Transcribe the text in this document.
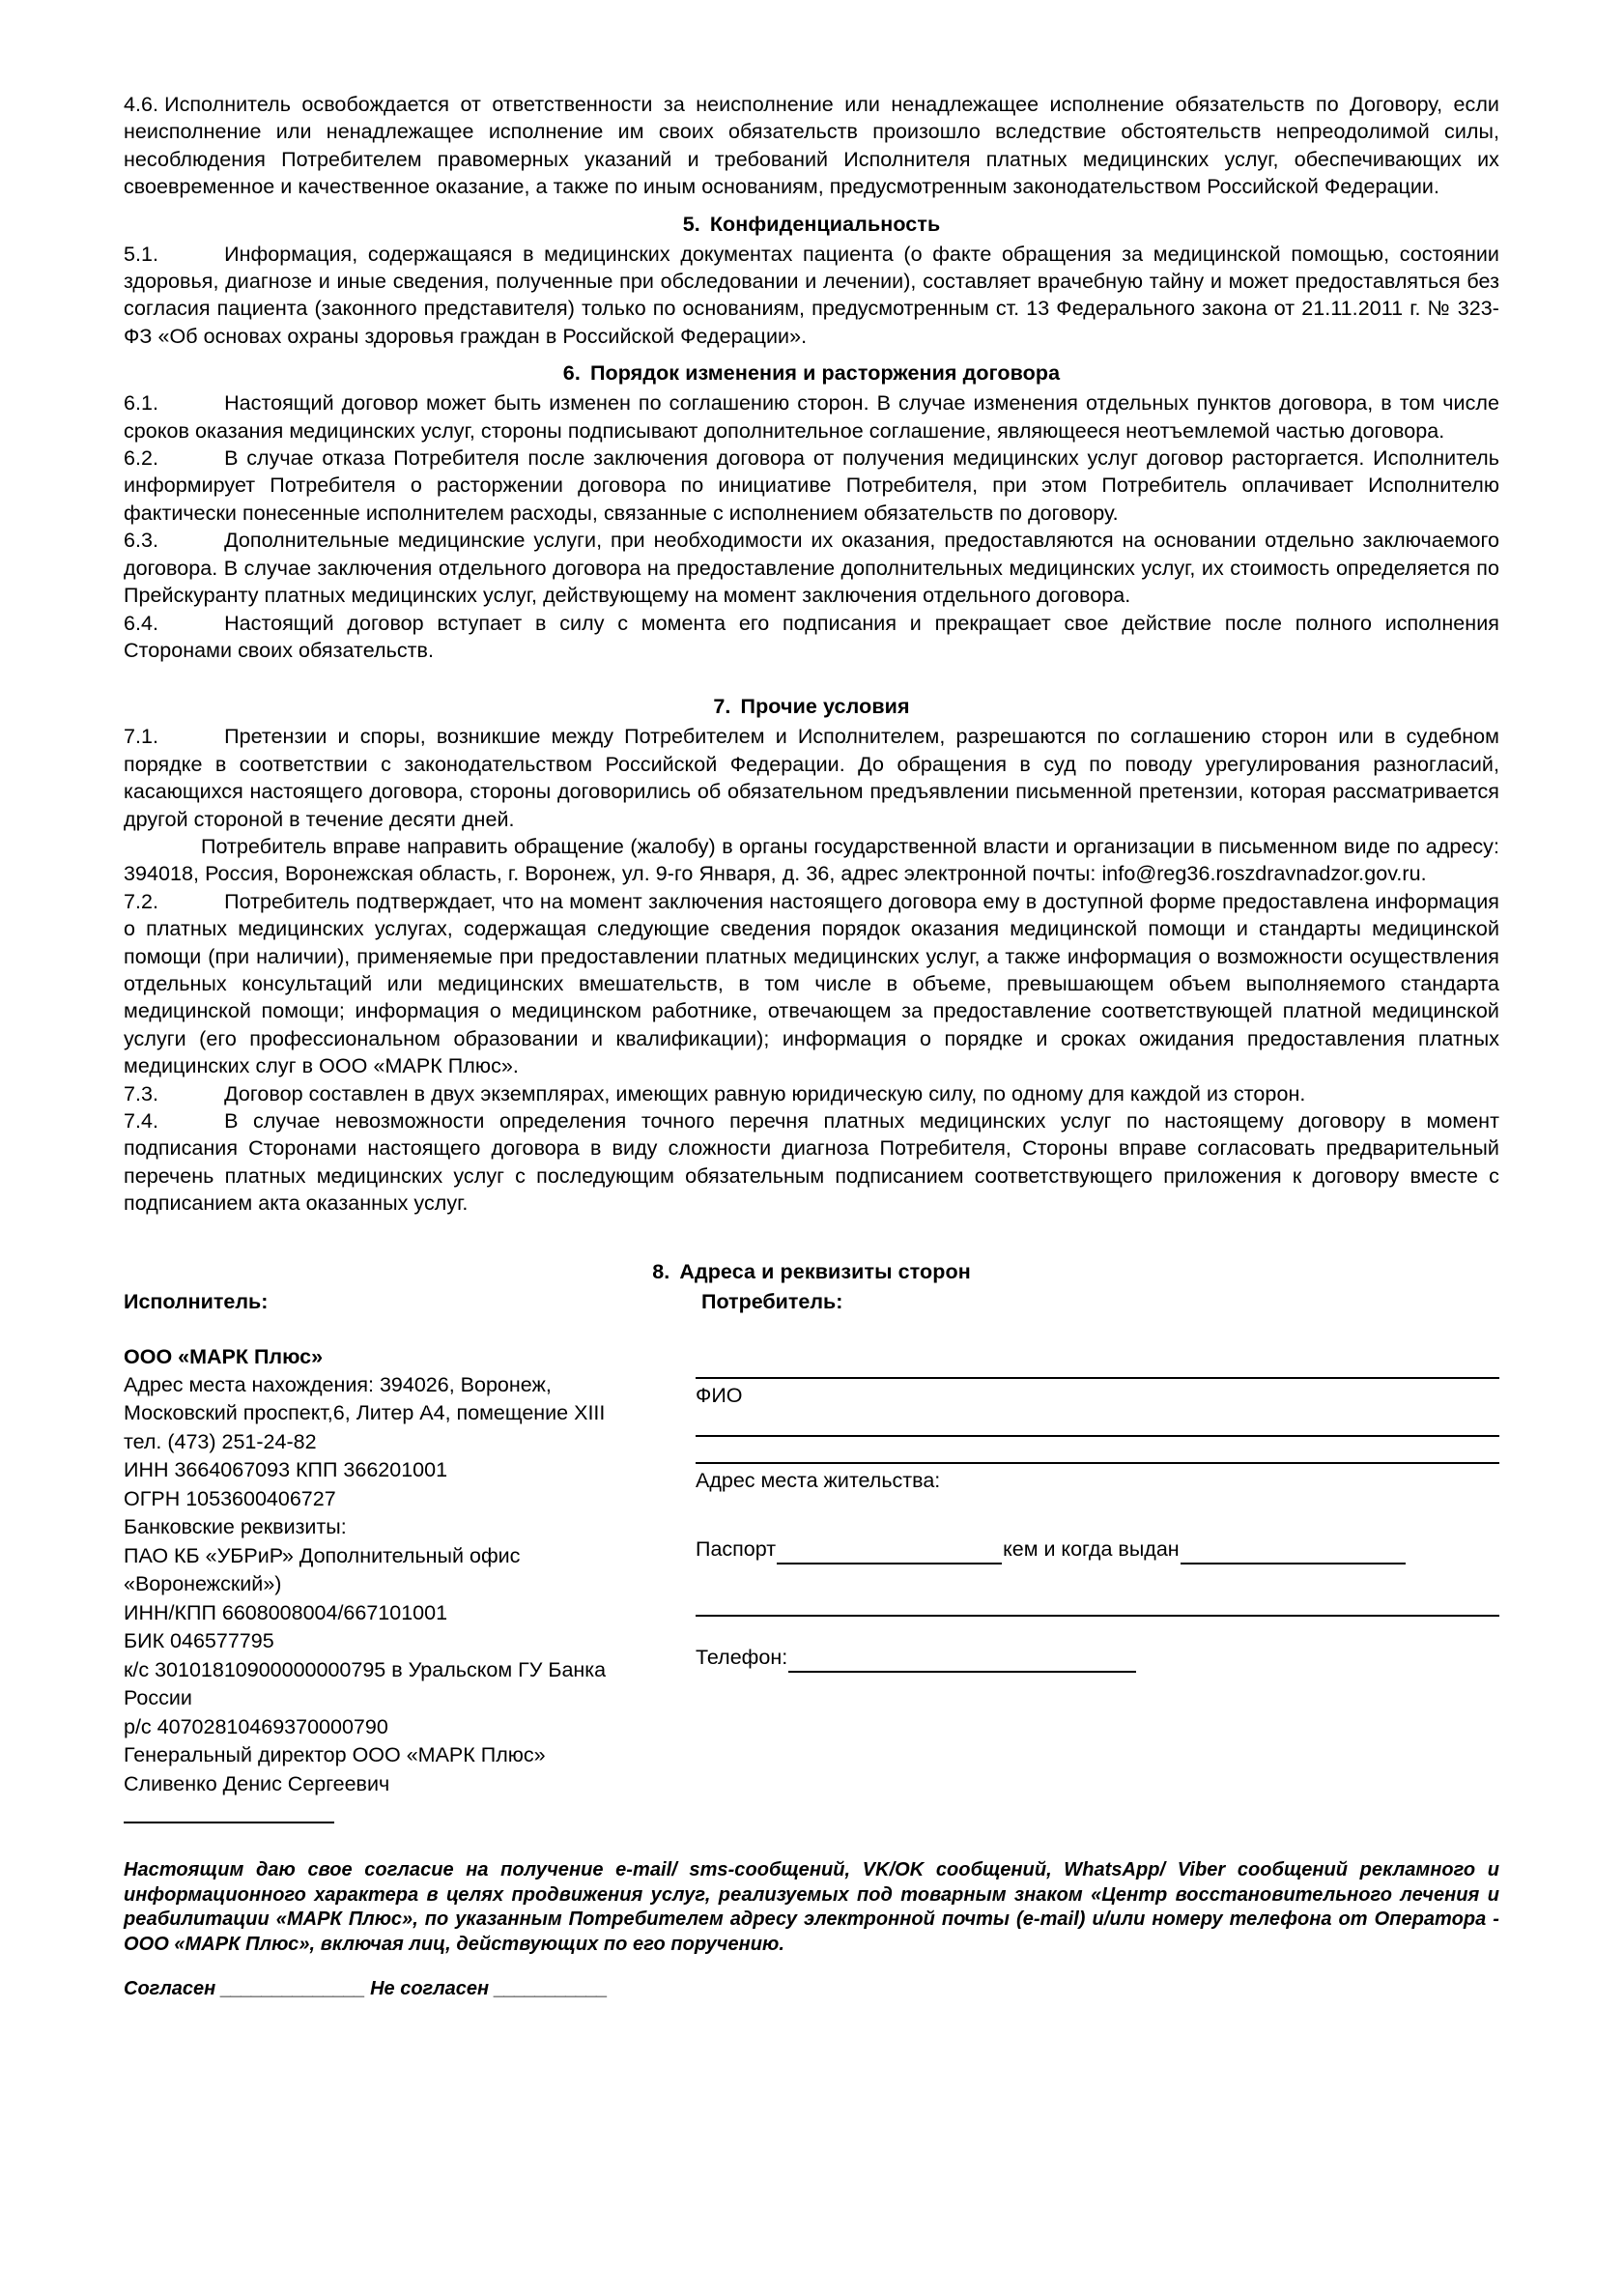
4.6. Исполнитель освобождается от ответственности за неисполнение или ненадлежащее исполнение обязательств по Договору, если неисполнение или ненадлежащее исполнение им своих обязательств произошло вследствие обстоятельств непреодолимой силы, несоблюдения Потребителем правомерных указаний и требований Исполнителя платных медицинских услуг, обеспечивающих их своевременное и качественное оказание, а также по иным основаниям, предусмотренным законодательством Российской Федерации.

5. Конфиденциальность

5.1.	Информация, содержащаяся в медицинских документах пациента (о факте обращения за медицинской помощью, состоянии здоровья, диагнозе и иные сведения, полученные при обследовании и лечении), составляет врачебную тайну и может предоставляться без согласия пациента (законного представителя) только по основаниям, предусмотренным ст. 13 Федерального закона от 21.11.2011 г. № 323-ФЗ «Об основах охраны здоровья граждан в Российской Федерации».

6. Порядок изменения и расторжения договора

6.1.	Настоящий договор может быть изменен по соглашению сторон. В случае изменения отдельных пунктов договора, в том числе сроков оказания медицинских услуг, стороны подписывают дополнительное соглашение, являющееся неотъемлемой частью договора.

6.2.	В случае отказа Потребителя после заключения договора от получения медицинских услуг договор расторгается. Исполнитель информирует Потребителя о расторжении договора по инициативе Потребителя, при этом Потребитель оплачивает Исполнителю фактически понесенные исполнителем расходы, связанные с исполнением обязательств по договору.

6.3.	Дополнительные медицинские услуги, при необходимости их оказания, предоставляются на основании отдельно заключаемого договора. В случае заключения отдельного договора на предоставление дополнительных медицинских услуг, их стоимость определяется по Прейскуранту платных медицинских услуг, действующему на момент заключения отдельного договора.

6.4.	Настоящий договор вступает в силу с момента его подписания и прекращает свое действие после полного исполнения Сторонами своих обязательств.

7. Прочие условия

7.1.	Претензии и споры, возникшие между Потребителем и Исполнителем, разрешаются по соглашению сторон или в судебном порядке в соответствии с законодательством Российской Федерации. До обращения в суд по поводу урегулирования разногласий, касающихся настоящего договора, стороны договорились об обязательном предъявлении письменной претензии, которая рассматривается другой стороной в течение десяти дней.

Потребитель вправе направить обращение (жалобу) в органы государственной власти и организации в письменном виде по адресу: 394018, Россия, Воронежская область, г. Воронеж, ул. 9-го Января, д. 36, адрес электронной почты: info@reg36.roszdravnadzor.gov.ru.

7.2.	Потребитель подтверждает, что на момент заключения настоящего договора ему в доступной форме предоставлена информация о платных медицинских услугах, содержащая следующие сведения порядок оказания медицинской помощи и стандарты медицинской помощи (при наличии), применяемые при предоставлении платных медицинских услуг, а также информация о возможности осуществления отдельных консультаций или медицинских вмешательств, в том числе в объеме, превышающем объем выполняемого стандарта медицинской помощи; информация о медицинском работнике, отвечающем за предоставление соответствующей платной медицинской услуги (его профессиональном образовании и квалификации); информация о порядке и сроках ожидания предоставления платных медицинских слуг в ООО «МАРК Плюс».

7.3.	Договор составлен в двух экземплярах, имеющих равную юридическую силу, по одному для каждой из сторон.

7.4.	В случае невозможности определения точного перечня платных медицинских услуг по настоящему договору в момент подписания Сторонами настоящего договора в виду сложности диагноза Потребителя, Стороны вправе согласовать предварительный перечень платных медицинских услуг с последующим обязательным подписанием соответствующего приложения к договору вместе с подписанием акта оказанных услуг.

8. Адреса и реквизиты сторон
Исполнитель:
ООО «МАРК Плюс»
Адрес места нахождения: 394026, Воронеж,
Московский проспект,6, Литер А4, помещение XIII
тел. (473) 251-24-82
ИНН 3664067093 КПП 366201001
ОГРН 1053600406727
Банковские реквизиты:
ПАО КБ «УБРиР» Дополнительный офис
«Воронежский»)
ИНН/КПП 6608008004/667101001
БИК 046577795
к/с 30101810900000000795 в Уральском ГУ Банка
России
р/с 40702810469370000790
Генеральный директор ООО «МАРК Плюс»
Сливенко Денис Сергеевич
Потребитель:
ФИО
Адрес места жительства:
Паспорт	кем и когда выдан
Телефон:

Настоящим даю свое согласие на получение e-mail/ sms-сообщений, VK/OK сообщений, WhatsApp/ Viber сообщений рекламного и информационного характера в целях продвижения услуг, реализуемых под товарным знаком «Центр восстановительного лечения и реабилитации «МАРК Плюс», по указанным Потребителем адресу электронной почты (e-mail) и/или номеру телефона от Оператора - ООО «МАРК Плюс», включая лиц, действующих по его поручению.

Согласен ______________ Не согласен ___________
